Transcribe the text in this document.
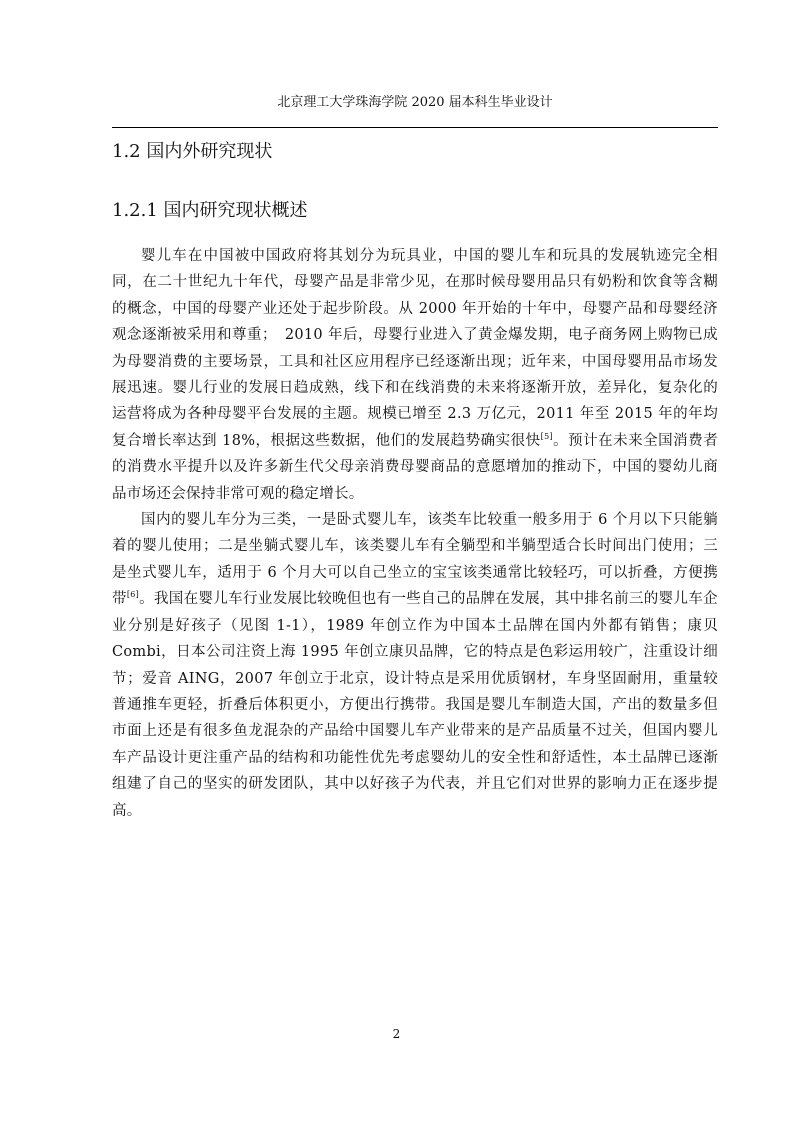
北京理工大学珠海学院 2020 届本科生毕业设计
1.2 国内外研究现状
1.2.1 国内研究现状概述

婴儿车在中国被中国政府将其划分为玩具业，中国的婴儿车和玩具的发展轨迹完全相同，在二十世纪九十年代，母婴产品是非常少见，在那时候母婴用品只有奶粉和饮食等含糊的概念，中国的母婴产业还处于起步阶段。从 2000 年开始的十年中，母婴产品和母婴经济观念逐渐被采用和尊重；　2010 年后，母婴行业进入了黄金爆发期，电子商务网上购物已成为母婴消费的主要场景，工具和社区应用程序已经逐渐出现；近年来，中国母婴用品市场发展迅速。婴儿行业的发展日趋成熟，线下和在线消费的未来将逐渐开放，差异化，复杂化的运营将成为各种母婴平台发展的主题。规模已增至 2.3 万亿元，2011 年至 2015 年的年均复合增长率达到 18%，根据这些数据，他们的发展趋势确实很快[5]。预计在未来全国消费者的消费水平提升以及许多新生代父母亲消费母婴商品的意愿增加的推动下，中国的婴幼儿商品市场还会保持非常可观的稳定增长。

国内的婴儿车分为三类，一是卧式婴儿车，该类车比较重一般多用于 6 个月以下只能躺着的婴儿使用；二是坐躺式婴儿车，该类婴儿车有全躺型和半躺型适合长时间出门使用；三是坐式婴儿车，适用于 6 个月大可以自己坐立的宝宝该类通常比较轻巧，可以折叠，方便携带[6]。我国在婴儿车行业发展比较晚但也有一些自己的品牌在发展，其中排名前三的婴儿车企业分别是好孩子（见图 1-1），1989 年创立作为中国本土品牌在国内外都有销售；康贝 Combi，日本公司注资上海 1995 年创立康贝品牌，它的特点是色彩运用较广，注重设计细节；爱音 AING，2007 年创立于北京，设计特点是采用优质钢材，车身坚固耐用，重量较普通推车更轻，折叠后体积更小，方便出行携带。我国是婴儿车制造大国，产出的数量多但市面上还是有很多鱼龙混杂的产品给中国婴儿车产业带来的是产品质量不过关，但国内婴儿车产品设计更注重产品的结构和功能性优先考虑婴幼儿的安全性和舒适性，本土品牌已逐渐组建了自己的坚实的研发团队，其中以好孩子为代表，并且它们对世界的影响力正在逐步提高。

2
